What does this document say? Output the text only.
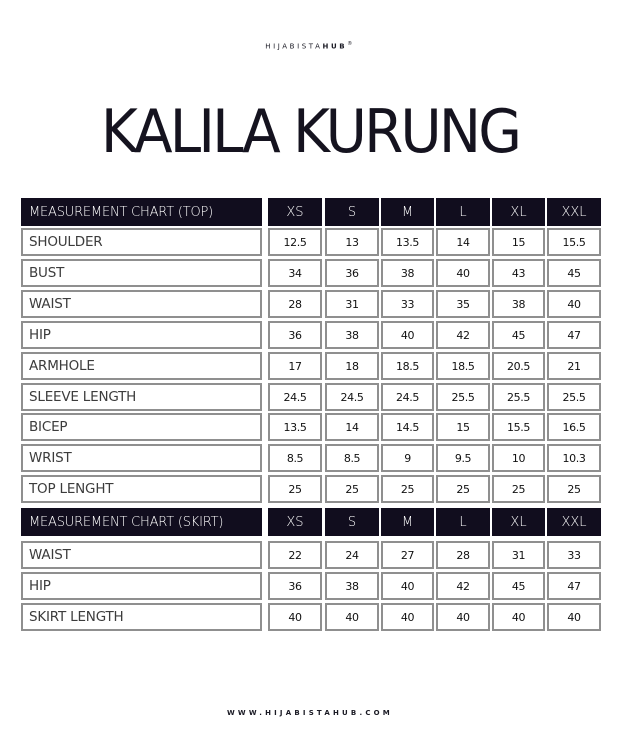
HIJABISTAHUB®
KALILA KURUNG
MEASUREMENT CHART (TOP)	XS	S	M	L	XL	XXL
SHOULDER	12.5	13	13.5	14	15	15.5
BUST	34	36	38	40	43	45
WAIST	28	31	33	35	38	40
HIP	36	38	40	42	45	47
ARMHOLE	17	18	18.5	18.5	20.5	21
SLEEVE LENGTH	24.5	24.5	24.5	25.5	25.5	25.5
BICEP	13.5	14	14.5	15	15.5	16.5
WRIST	8.5	8.5	9	9.5	10	10.3
TOP LENGHT	25	25	25	25	25	25
MEASUREMENT CHART (SKIRT)	XS	S	M	L	XL	XXL
WAIST	22	24	27	28	31	33
HIP	36	38	40	42	45	47
SKIRT LENGTH	40	40	40	40	40	40
WWW.HIJABISTAHUB.COM
